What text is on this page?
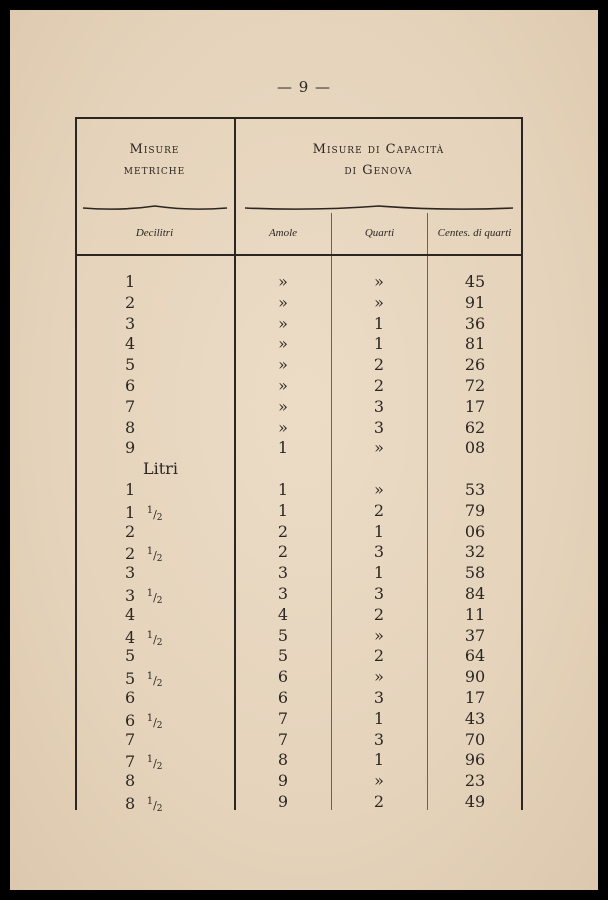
— 9 —
Misure
metriche
Misure di Capacità
di Genova
Decilitri	Amole	Quarti	Centes. di quarti
1	»	»	45
2	»	»	91
3	»	1	36
4	»	1	81
5	»	2	26
6	»	2	72
7	»	3	17
8	»	3	62
9	1	»	08
Litri
1	1	»	53
1  $^1/_2$	1	2	79
2	2	1	06
2  $^1/_2$	2	3	32
3	3	1	58
3  $^1/_2$	3	3	84
4	4	2	11
4  $^1/_2$	5	»	37
5	5	2	64
5  $^1/_2$	6	»	90
6	6	3	17
6  $^1/_2$	7	1	43
7	7	3	70
7  $^1/_2$	8	1	96
8	9	»	23
8  $^1/_2$	9	2	49
